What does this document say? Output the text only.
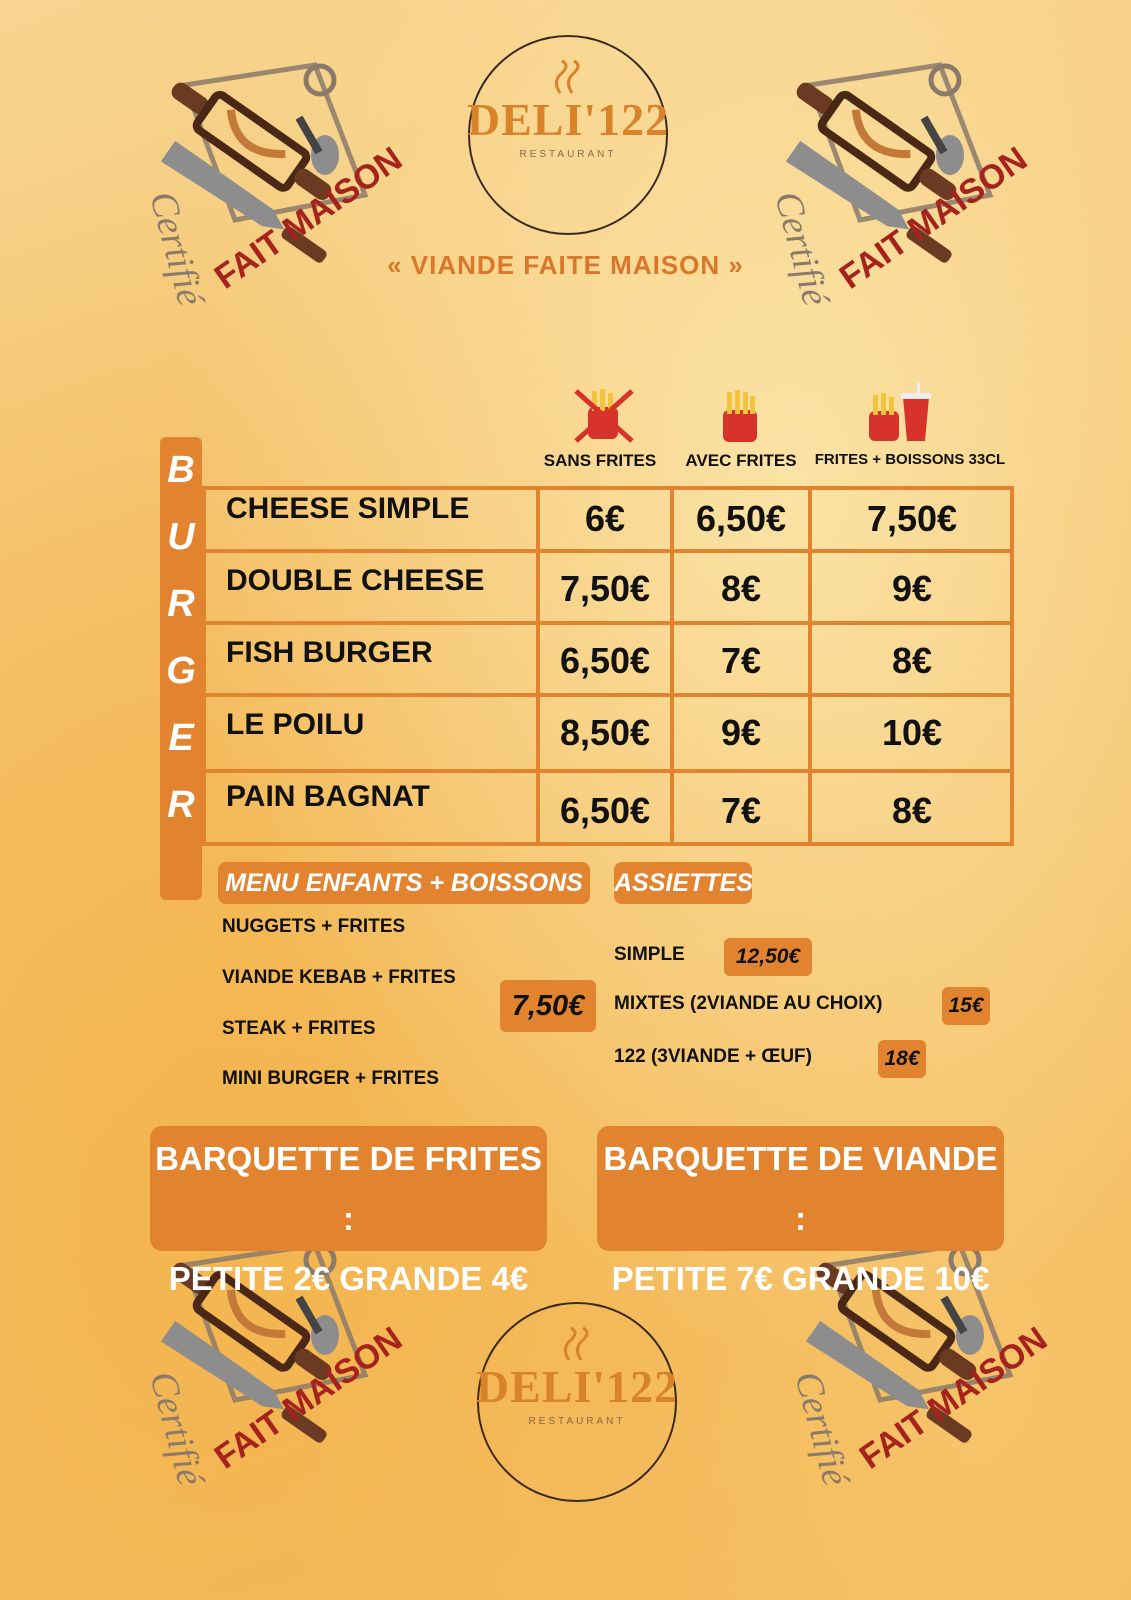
Certifié
FAIT MAISON	Certifié
FAIT MAISON
Certifié
FAIT MAISON	Certifié
FAIT MAISON
DELI'122
RESTAURANT
« VIANDE FAITE MAISON »
SANS FRITES	AVEC FRITES	FRITES + BOISSONS 33CL
B
U
R
G
E
R
CHEESE SIMPLE	6€	6,50€	7,50€
DOUBLE CHEESE	7,50€	8€	9€
FISH BURGER	6,50€	7€	8€
LE POILU	8,50€	9€	10€
PAIN BAGNAT	6,50€	7€	8€
MENU ENFANTS + BOISSONS
NUGGETS + FRITES
VIANDE KEBAB + FRITES
STEAK + FRITES
MINI BURGER + FRITES
7,50€
ASSIETTES
SIMPLE	12,50€
MIXTES (2VIANDE AU CHOIX)	15€
122 (3VIANDE + ŒUF)	18€
BARQUETTE DE FRITES :
PETITE 2€ GRANDE 4€
BARQUETTE DE VIANDE :
PETITE 7€ GRANDE 10€
DELI'122
RESTAURANT
